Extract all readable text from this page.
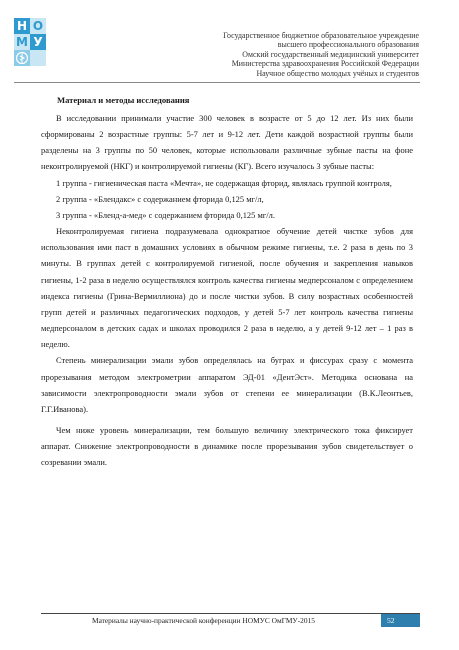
Н О
М У	Государственное бюджетное образовательное учреждение
высшего профессионального образования
Омский государственный медицинский университет
Министерства здравоохранения Российской Федерации
Научное общество молодых учёных и студентов
Материал и методы исследования

В исследовании принимали участие 300 человек в возрасте от 5 до 12 лет. Из них были сформированы 2 возрастные группы: 5-7 лет и 9-12 лет. Дети каждой возрастной группы были разделены на 3 группы по 50 человек, которые использовали различные зубные пасты на фоне неконтролируемой (НКГ) и контролируемой гигиены (КГ). Всего изучалось 3 зубные пасты:

1 группа - гигиеническая паста «Мечта», не содержащая фторид, являлась группой контроля,

2 группа - «Блендакс» с содержанием фторида 0,125 мг/л,

3 группа - «Бленд-а-мед» с содержанием фторида 0,125 мг/л.

Неконтролируемая гигиена подразумевала однократное обучение детей чистке зубов для использования ими паст в домашних условиях в обычном режиме гигиены, т.е. 2 раза в день по 3 минуты. В группах детей с контролируемой гигиеной, после обучения и закрепления навыков гигиены, 1-2 раза в неделю осуществлялся контроль качества гигиены медперсоналом с определением индекса гигиены (Грина-Вермиллиона) до и после чистки зубов. В силу возрастных особенностей групп детей и различных педагогических подходов, у детей 5-7 лет контроль качества гигиены медперсоналом в детских садах и школах проводился 2 раза в неделю, а у детей 9-12 лет – 1 раз в неделю.

Степень минерализации эмали зубов определялась на буграх и фиссурах сразу с момента прорезывания методом электрометрии аппаратом ЭД-01 «ДентЭст». Методика основана на зависимости электропроводности эмали зубов от степени ее минерализации (В.К.Леонтьев, Г.Г.Иванова).

Чем ниже уровень минерализации, тем большую величину электрического тока фиксирует аппарат. Снижение электропроводности в динамике после прорезывания зубов свидетельствует о созревании эмали.

Материалы научно-практической конференции НОМУС ОмГМУ-2015	52
